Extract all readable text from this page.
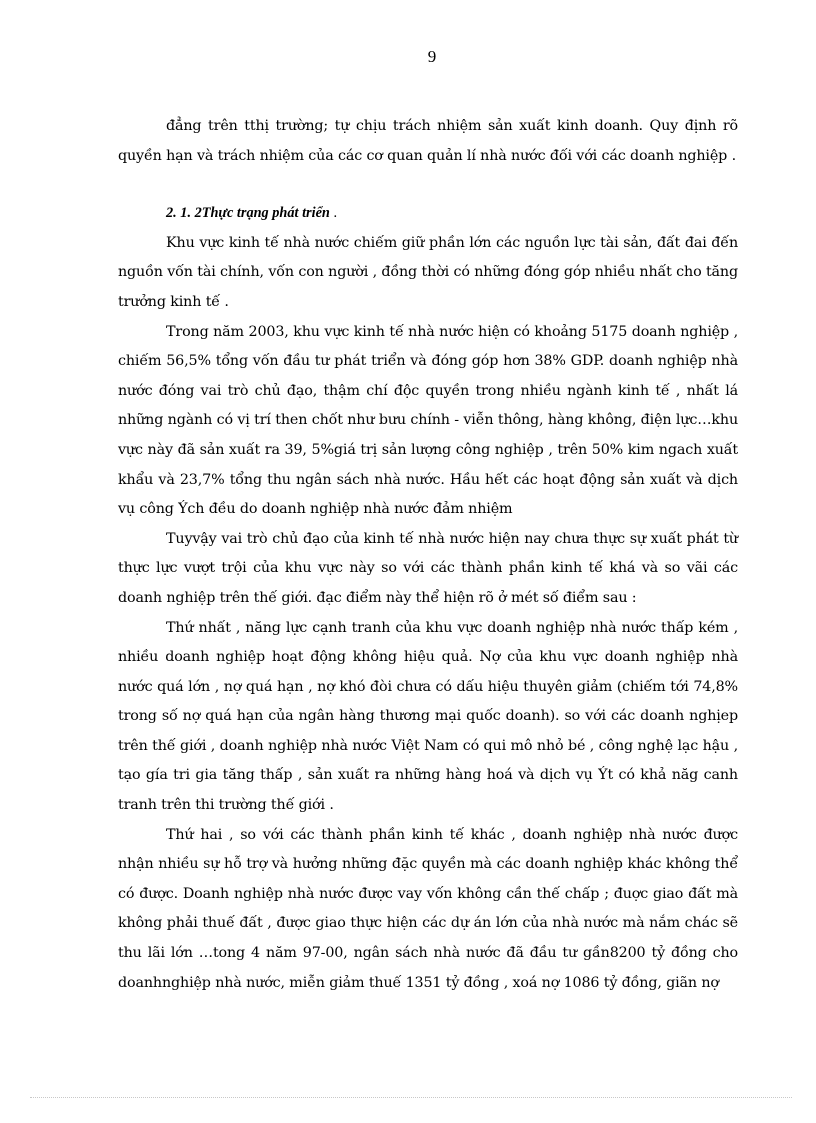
9

đẳng trên tthị trường; tự chịu trách nhiệm sản xuất kinh doanh. Quy định rõ quyền hạn và trách nhiệm của các cơ quan quản lí nhà nước đối với các doanh nghiệp .

2. 1. 2Thực trạng phát triển .

Khu vực kinh tế nhà nước chiếm giữ phần lớn các nguồn lực tài sản, đất đai đến nguồn vốn tài chính, vốn con người , đồng thời có những đóng góp nhiều nhất cho tăng trưởng kinh tế .

Trong năm 2003, khu vực kinh tế nhà nước hiện có khoảng 5175 doanh nghiệp , chiếm 56,5% tổng vốn đầu tư phát triển và đóng góp hơn 38% GDP. doanh nghiệp nhà nước đóng vai trò chủ đạo, thậm chí độc quyền trong nhiều ngành kinh tế , nhất lá những ngành có vị trí then chốt như bưu chính - viễn thông, hàng không, điện lực…khu vực này đã sản xuất ra 39, 5%giá trị sản lượng công nghiệp , trên 50% kim ngach xuất khẩu và 23,7% tổng thu ngân sách nhà nước. Hầu hết các hoạt động sản xuất và dịch vụ công Ých đều do doanh nghiệp nhà nước đảm nhiệm

Tuyvậy vai trò chủ đạo của kinh tế nhà nước hiện nay chưa thực sự xuất phát từ thực lực vượt trội của khu vực này so với các thành phần kinh tế khá và so vãi các doanh nghiệp trên thế giới. đạc điểm này thể hiện rõ ở mét số điểm sau :

Thứ nhất , năng lực cạnh tranh của khu vực doanh nghiệp nhà nước thấp kém , nhiều doanh nghiệp hoạt động không hiệu quả. Nợ của khu vực doanh nghiệp nhà nước quá lớn , nợ quá hạn , nợ khó đòi chưa có dấu hiệu thuyên giảm (chiếm tới 74,8% trong số nợ quá hạn của ngân hàng thương mại quốc doanh). so với các doanh nghịep trên thế giới , doanh nghiệp nhà nước Việt Nam có qui mô nhỏ bé , công nghệ lạc hậu , tạo gía tri gia tăng thấp , sản xuất ra những hàng hoá và dịch vụ Ýt có khả năg canh tranh trên thi trường thế giới .

Thứ hai , so với các thành phần kinh tế khác , doanh nghiệp nhà nước được nhận nhiều sự hỗ trợ và hưởng những đặc quyền mà các doanh nghiệp khác không thể có được. Doanh nghiệp nhà nước được vay vốn không cần thế chấp ; đuợc giao đất mà không phải thuế đất , được giao thực hiện các dự án lớn của nhà nước mà nắm chác sẽ thu lãi lớn …tong 4 năm 97-00, ngân sách nhà nước đã đầu tư gần8200 tỷ đồng cho doanhnghiệp nhà nước, miễn giảm thuế 1351 tỷ đồng , xoá nợ 1086 tỷ đồng, giãn nợ
